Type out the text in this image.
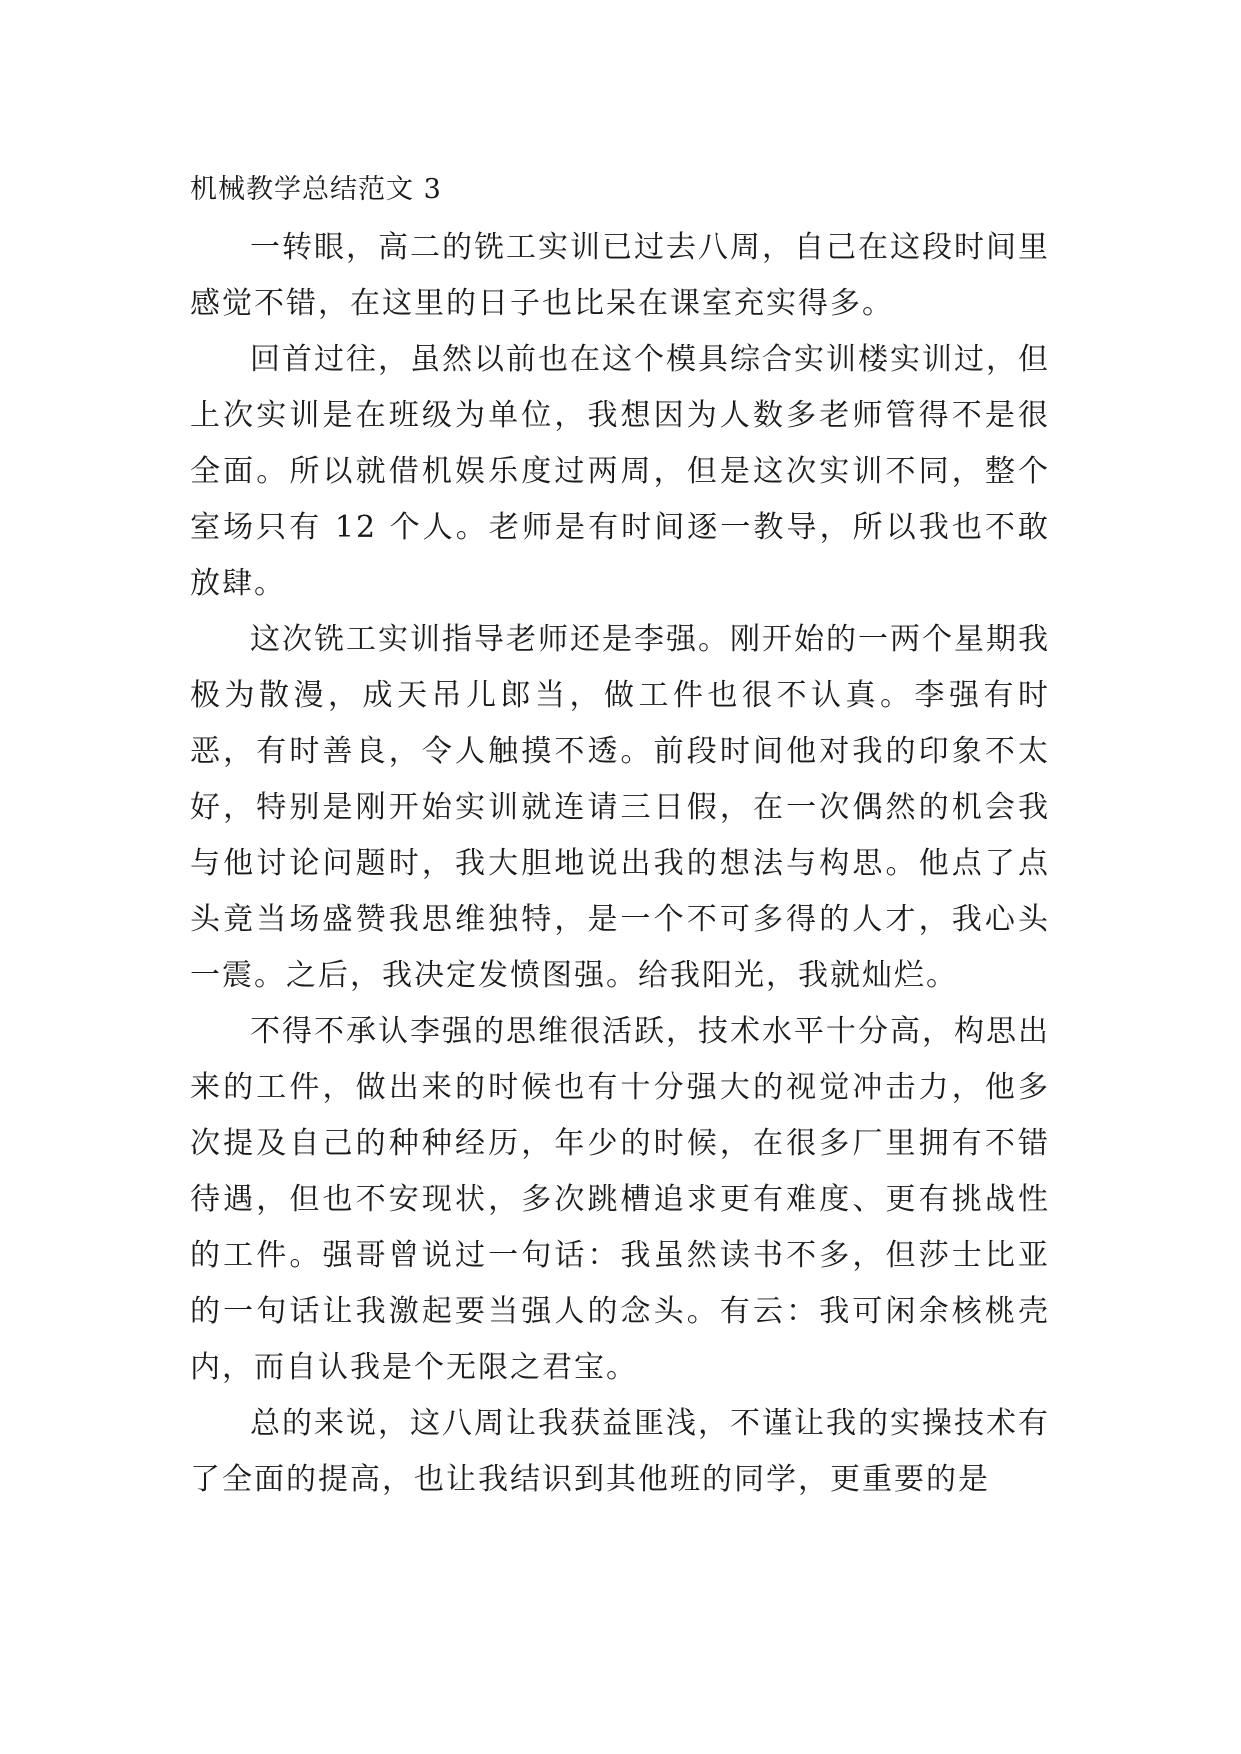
机械教学总结范文 3

一转眼，高二的铣工实训已过去八周，自己在这段时间里感觉不错，在这里的日子也比呆在课室充实得多。

回首过往，虽然以前也在这个模具综合实训楼实训过，但上次实训是在班级为单位，我想因为人数多老师管得不是很全面。所以就借机娱乐度过两周，但是这次实训不同，整个室场只有 12 个人。老师是有时间逐一教导，所以我也不敢放肆。

这次铣工实训指导老师还是李强。刚开始的一两个星期我极为散漫，成天吊儿郎当，做工件也很不认真。李强有时恶，有时善良，令人触摸不透。前段时间他对我的印象不太好，特别是刚开始实训就连请三日假，在一次偶然的机会我与他讨论问题时，我大胆地说出我的想法与构思。他点了点头竟当场盛赞我思维独特，是一个不可多得的人才，我心头一震。之后，我决定发愤图强。给我阳光，我就灿烂。

不得不承认李强的思维很活跃，技术水平十分高，构思出来的工件，做出来的时候也有十分强大的视觉冲击力，他多次提及自己的种种经历，年少的时候，在很多厂里拥有不错待遇，但也不安现状，多次跳槽追求更有难度、更有挑战性的工件。强哥曾说过一句话：我虽然读书不多，但莎士比亚的一句话让我激起要当强人的念头。有云：我可闲余核桃壳内，而自认我是个无限之君宝。

总的来说，这八周让我获益匪浅，不谨让我的实操技术有了全面的提高，也让我结识到其他班的同学，更重要的是
